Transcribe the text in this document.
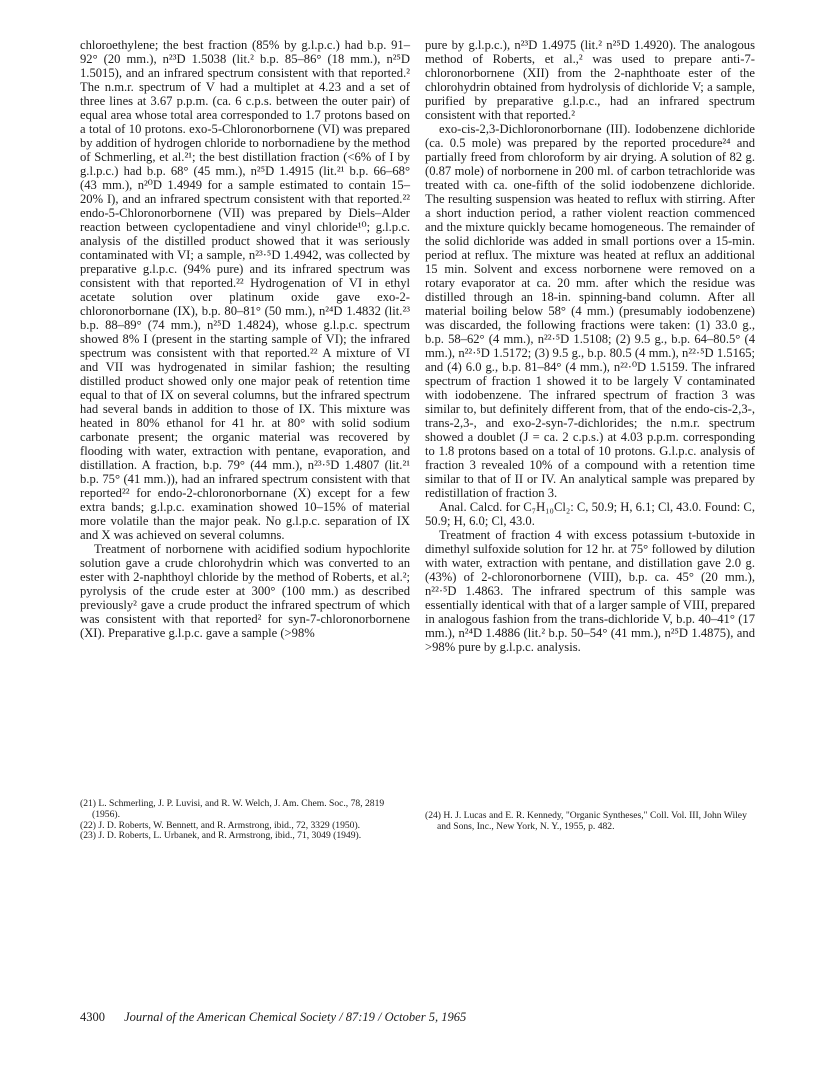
chloroethylene; the best fraction (85% by g.l.p.c.) had b.p. 91–92° (20 mm.), n²³D 1.5038 (lit.² b.p. 85–86° (18 mm.), n²⁵D 1.5015), and an infrared spectrum consistent with that reported.² The n.m.r. spectrum of V had a multiplet at 4.23 and a set of three lines at 3.67 p.p.m. (ca. 6 c.p.s. between the outer pair) of equal area whose total area corresponded to 1.7 protons based on a total of 10 protons. exo-5-Chloronorbornene (VI) was prepared by addition of hydrogen chloride to norbornadiene by the method of Schmerling, et al.²¹; the best distillation fraction (<6% of I by g.l.p.c.) had b.p. 68° (45 mm.), n²⁵D 1.4915 (lit.²¹ b.p. 66–68° (43 mm.), n²⁰D 1.4949 for a sample estimated to contain 15–20% I), and an infrared spectrum consistent with that reported.²² endo-5-Chloronorbornene (VII) was prepared by Diels–Alder reaction between cyclopentadiene and vinyl chloride¹⁰; g.l.p.c. analysis of the distilled product showed that it was seriously contaminated with VI; a sample, n²³·⁵D 1.4942, was collected by preparative g.l.p.c. (94% pure) and its infrared spectrum was consistent with that reported.²² Hydrogenation of VI in ethyl acetate solution over platinum oxide gave exo-2-chloronorbornane (IX), b.p. 80–81° (50 mm.), n²⁴D 1.4832 (lit.²³ b.p. 88–89° (74 mm.), n²⁵D 1.4824), whose g.l.p.c. spectrum showed 8% I (present in the starting sample of VI); the infrared spectrum was consistent with that reported.²² A mixture of VI and VII was hydrogenated in similar fashion; the resulting distilled product showed only one major peak of retention time equal to that of IX on several columns, but the infrared spectrum had several bands in addition to those of IX. This mixture was heated in 80% ethanol for 41 hr. at 80° with solid sodium carbonate present; the organic material was recovered by flooding with water, extraction with pentane, evaporation, and distillation. A fraction, b.p. 79° (44 mm.), n²³·⁵D 1.4807 (lit.²¹ b.p. 75° (41 mm.)), had an infrared spectrum consistent with that reported²² for endo-2-chloronorbornane (X) except for a few extra bands; g.l.p.c. examination showed 10–15% of material more volatile than the major peak. No g.l.p.c. separation of IX and X was achieved on several columns.

Treatment of norbornene with acidified sodium hypochlorite solution gave a crude chlorohydrin which was converted to an ester with 2-naphthoyl chloride by the method of Roberts, et al.²; pyrolysis of the crude ester at 300° (100 mm.) as described previously² gave a crude product the infrared spectrum of which was consistent with that reported² for syn-7-chloronorbornene (XI). Preparative g.l.p.c. gave a sample (>98%

(21) L. Schmerling, J. P. Luvisi, and R. W. Welch, J. Am. Chem. Soc., 78, 2819 (1956).

(22) J. D. Roberts, W. Bennett, and R. Armstrong, ibid., 72, 3329 (1950).

(23) J. D. Roberts, L. Urbanek, and R. Armstrong, ibid., 71, 3049 (1949).

pure by g.l.p.c.), n²³D 1.4975 (lit.² n²⁵D 1.4920). The analogous method of Roberts, et al.,² was used to prepare anti-7-chloronorbornene (XII) from the 2-naphthoate ester of the chlorohydrin obtained from hydrolysis of dichloride V; a sample, purified by preparative g.l.p.c., had an infrared spectrum consistent with that reported.²

exo-cis-2,3-Dichloronorbornane (III). Iodobenzene dichloride (ca. 0.5 mole) was prepared by the reported procedure²⁴ and partially freed from chloroform by air drying. A solution of 82 g. (0.87 mole) of norbornene in 200 ml. of carbon tetrachloride was treated with ca. one-fifth of the solid iodobenzene dichloride. The resulting suspension was heated to reflux with stirring. After a short induction period, a rather violent reaction commenced and the mixture quickly became homogeneous. The remainder of the solid dichloride was added in small portions over a 15-min. period at reflux. The mixture was heated at reflux an additional 15 min. Solvent and excess norbornene were removed on a rotary evaporator at ca. 20 mm. after which the residue was distilled through an 18-in. spinning-band column. After all material boiling below 58° (4 mm.) (presumably iodobenzene) was discarded, the following fractions were taken: (1) 33.0 g., b.p. 58–62° (4 mm.), n²²·⁵D 1.5108; (2) 9.5 g., b.p. 64–80.5° (4 mm.), n²²·⁵D 1.5172; (3) 9.5 g., b.p. 80.5 (4 mm.), n²²·⁵D 1.5165; and (4) 6.0 g., b.p. 81–84° (4 mm.), n²²·⁰D 1.5159. The infrared spectrum of fraction 1 showed it to be largely V contaminated with iodobenzene. The infrared spectrum of fraction 3 was similar to, but definitely different from, that of the endo-cis-2,3-, trans-2,3-, and exo-2-syn-7-dichlorides; the n.m.r. spectrum showed a doublet (J = ca. 2 c.p.s.) at 4.03 p.p.m. corresponding to 1.8 protons based on a total of 10 protons. G.l.p.c. analysis of fraction 3 revealed 10% of a compound with a retention time similar to that of II or IV. An analytical sample was prepared by redistillation of fraction 3.

Anal. Calcd. for C₇H₁₀Cl₂: C, 50.9; H, 6.1; Cl, 43.0. Found: C, 50.9; H, 6.0; Cl, 43.0.

Treatment of fraction 4 with excess potassium t-butoxide in dimethyl sulfoxide solution for 12 hr. at 75° followed by dilution with water, extraction with pentane, and distillation gave 2.0 g. (43%) of 2-chloronorbornene (VIII), b.p. ca. 45° (20 mm.), n²²·⁵D 1.4863. The infrared spectrum of this sample was essentially identical with that of a larger sample of VIII, prepared in analogous fashion from the trans-dichloride V, b.p. 40–41° (17 mm.), n²⁴D 1.4886 (lit.² b.p. 50–54° (41 mm.), n²⁵D 1.4875), and >98% pure by g.l.p.c. analysis.

(24) H. J. Lucas and E. R. Kennedy, "Organic Syntheses," Coll. Vol. III, John Wiley and Sons, Inc., New York, N. Y., 1955, p. 482.

4300 Journal of the American Chemical Society / 87:19 / October 5, 1965
